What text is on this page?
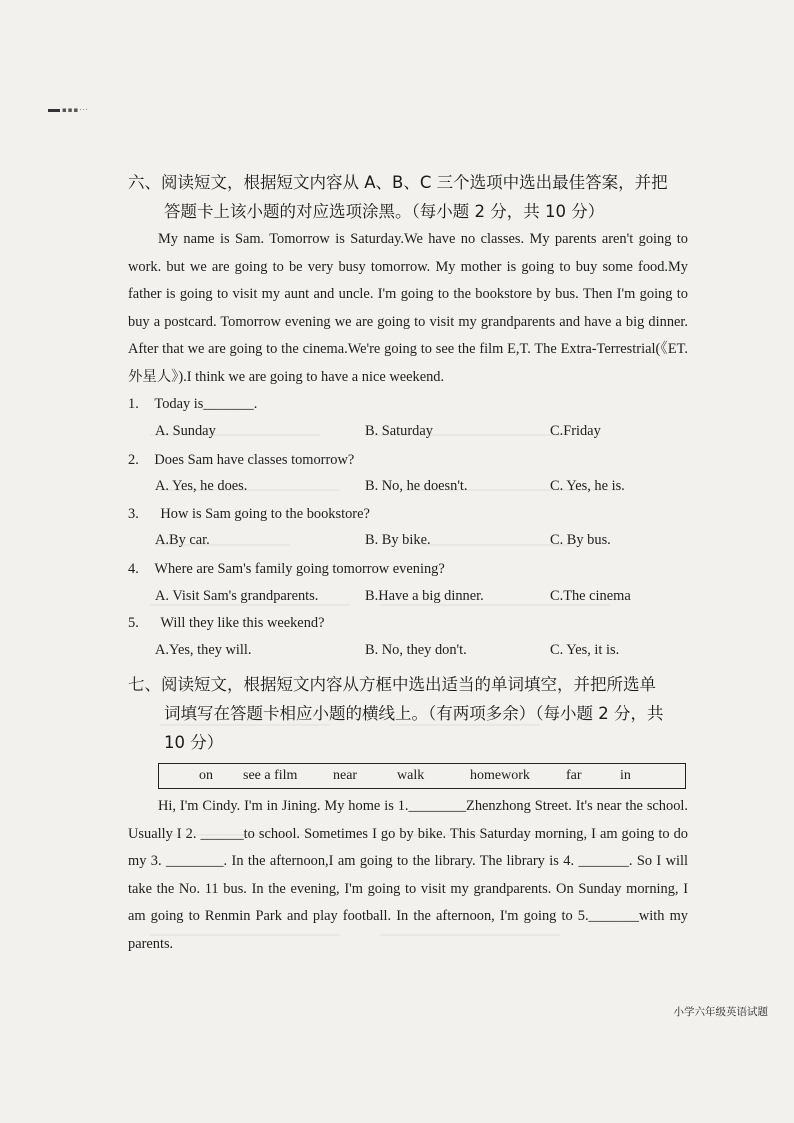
▪▪▪···
六、阅读短文，根据短文内容从 A、B、C 三个选项中选出最佳答案，并把
答题卡上该小题的对应选项涂黑。（每小题 2 分，共 10 分）

My name is Sam. Tomorrow is Saturday.We have no classes. My parents aren't going to work. but we are going to be very busy tomorrow. My mother is going to buy some food.My father is going to visit my aunt and uncle. I'm going to the bookstore by bus. Then I'm going to buy a postcard. Tomorrow evening we are going to visit my grandparents and have a big dinner. After that we are going to the cinema.We're going to see the film E,T. The Extra-Terrestrial(《ET.外星人》).I think we are going to have a nice weekend.

1. Today is_______.
A. Sunday	B. Saturday	C.Friday
2. Does Sam have classes tomorrow?
A. Yes, he does.	B. No, he doesn't.	C. Yes, he is.
3. How is Sam going to the bookstore?
A.By car.	B. By bike.	C. By bus.
4. Where are Sam's family going tomorrow evening?
A. Visit Sam's grandparents.	B.Have a big dinner.	C.The cinema
5. Will they like this weekend?
A.Yes, they will.	B. No, they don't.	C. Yes, it is.
七、阅读短文，根据短文内容从方框中选出适当的单词填空，并把所选单
词填写在答题卡相应小题的横线上。（有两项多余）（每小题 2 分，共
10 分）
on see a film	near	walk	homework	far	in

Hi, I'm Cindy. I'm in Jining. My home is 1.________Zhenzhong Street. It's near the school. Usually I 2. ______to school. Sometimes I go by bike. This Saturday morning, I am going to do my 3. ________. In the afternoon,I am going to the library. The library is 4. _______. So I will take the No. 11 bus. In the evening, I'm going to visit my grandparents. On Sunday morning, I am going to Renmin Park and play football. In the afternoon, I'm going to 5._______with my parents.

小学六年级英语试题
